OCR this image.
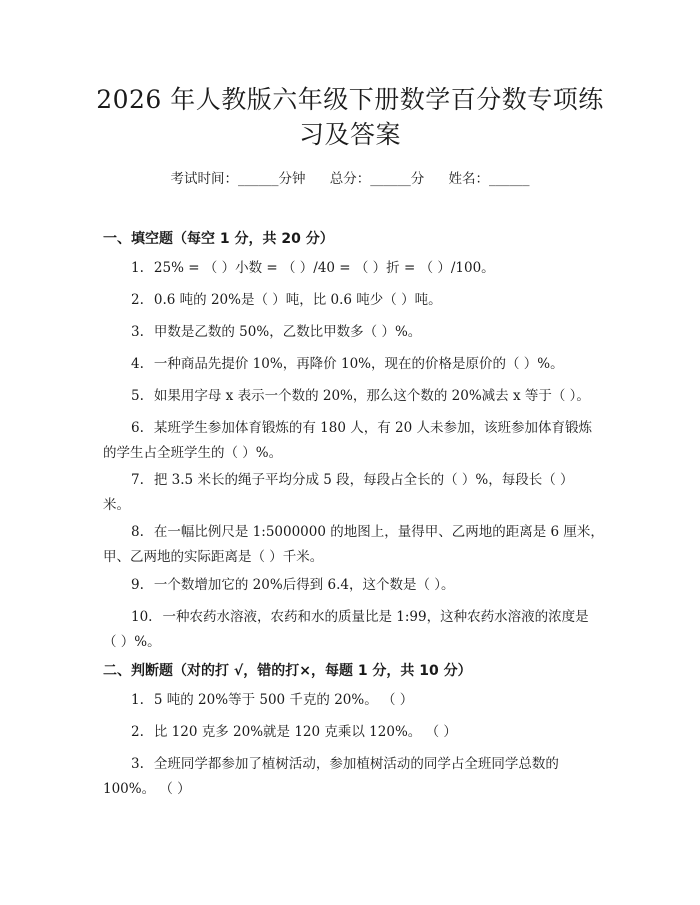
2026 年人教版六年级下册数学百分数专项练
习及答案
考试时间：______分钟 总分：______分 姓名：______
一、填空题（每空 1 分，共 20 分）
1. 25% = （ ）小数 = （ ）/40 = （ ）折 = （ ）/100。
2. 0.6 吨的 20%是（ ）吨，比 0.6 吨少（ ）吨。
3. 甲数是乙数的 50%，乙数比甲数多（ ）%。
4. 一种商品先提价 10%，再降价 10%，现在的价格是原价的（ ）%。
5. 如果用字母 x 表示一个数的 20%，那么这个数的 20%减去 x 等于（ ）。
6. 某班学生参加体育锻炼的有 180 人，有 20 人未参加，该班参加体育锻炼
的学生占全班学生的（ ）%。
7. 把 3.5 米长的绳子平均分成 5 段，每段占全长的（ ）%，每段长（ ）
米。
8. 在一幅比例尺是 1:5000000 的地图上，量得甲、乙两地的距离是 6 厘米，
甲、乙两地的实际距离是（ ）千米。
9. 一个数增加它的 20%后得到 6.4，这个数是（ ）。
10. 一种农药水溶液，农药和水的质量比是 1:99，这种农药水溶液的浓度是
（ ）%。
二、判断题（对的打 √，错的打×，每题 1 分，共 10 分）
1. 5 吨的 20%等于 500 千克的 20%。 （ ）
2. 比 120 克多 20%就是 120 克乘以 120%。 （ ）
3. 全班同学都参加了植树活动，参加植树活动的同学占全班同学总数的
100%。 （ ）
